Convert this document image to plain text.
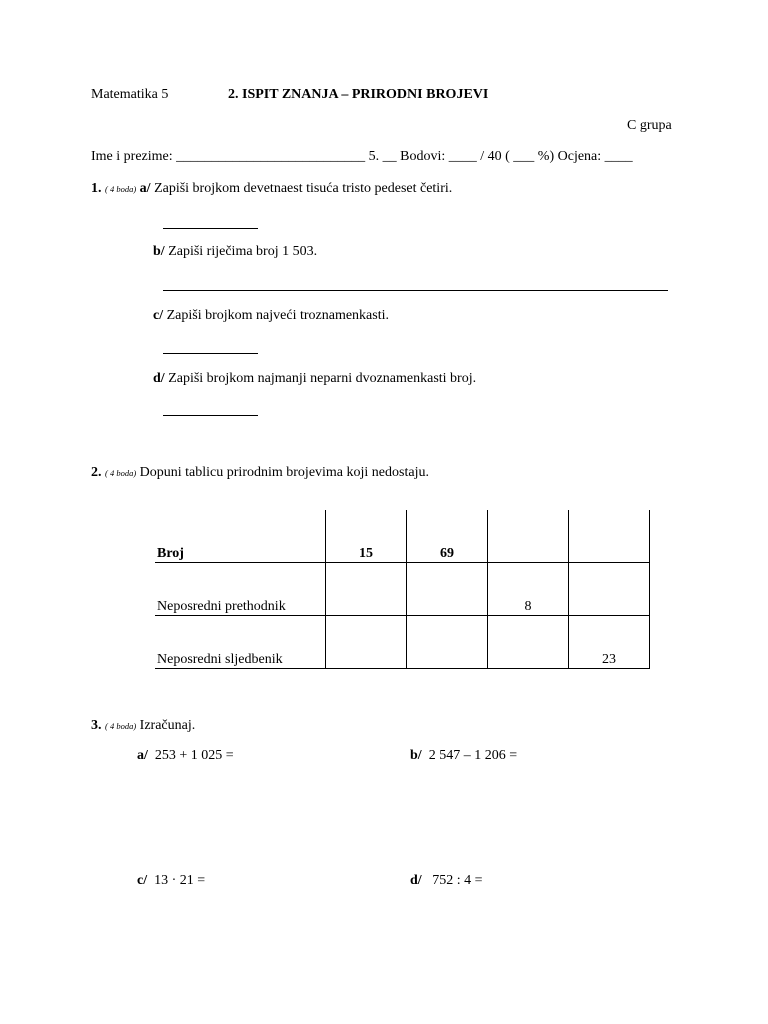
Matematika 5	2. ISPIT ZNANJA – PRIRODNI BROJEVI
C grupa
Ime i prezime: ___________________________ 5. __ Bodovi: ____ / 40 ( ___ %) Ocjena: ____
1. ( 4 boda) a/ Zapiši brojkom devetnaest tisuća tristo pedeset četiri.
b/ Zapiši riječima broj 1 503.
c/ Zapiši brojkom najveći troznamenkasti.
d/ Zapiši brojkom najmanji neparni dvoznamenkasti broj.
2. ( 4 boda) Dopuni tablicu prirodnim brojevima koji nedostaju.
Broj	15	69		
Neposredni prethodnik			8	
Neposredni sljedbenik				23
3. ( 4 boda) Izračunaj.
a/ 253 + 1 025 =	b/ 2 547 – 1 206 =
c/ 13 · 21 =	d/ 752 : 4 =
